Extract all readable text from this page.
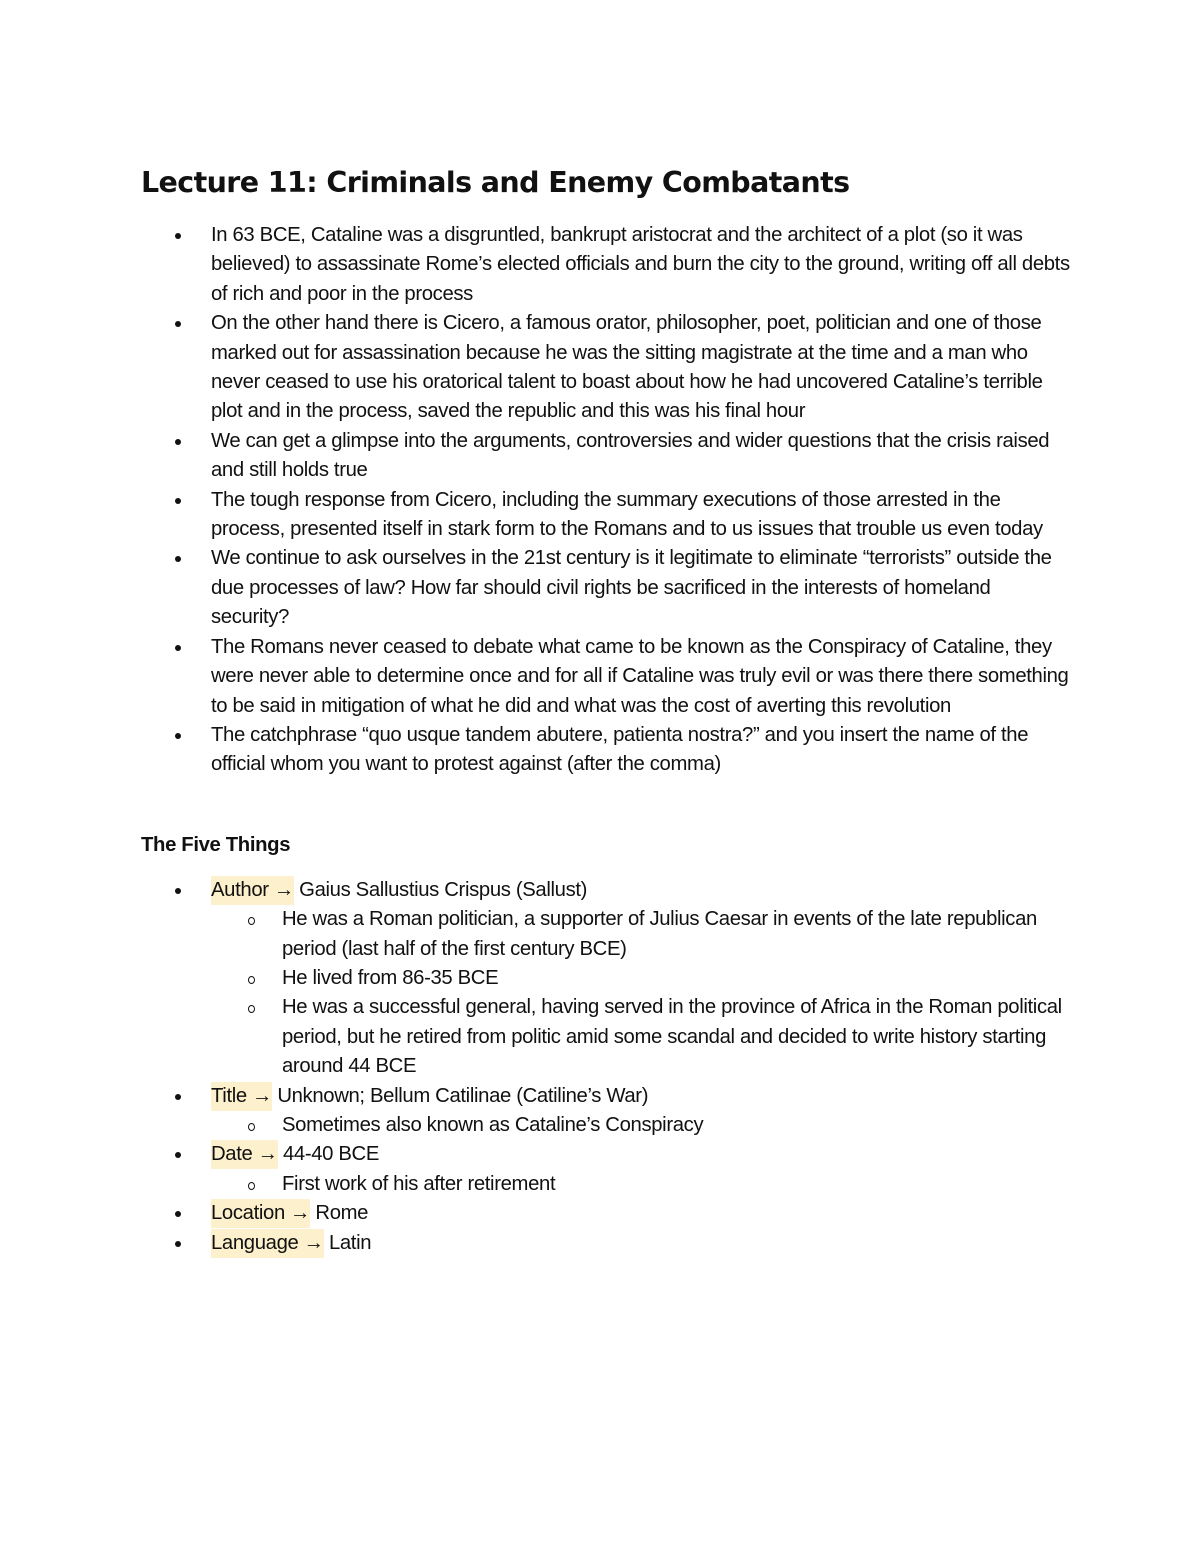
Lecture 11: Criminals and Enemy Combatants
In 63 BCE, Cataline was a disgruntled, bankrupt aristocrat and the architect of a plot (so it was believed) to assassinate Rome’s elected officials and burn the city to the ground, writing off all debts of rich and poor in the process
On the other hand there is Cicero, a famous orator, philosopher, poet, politician and one of those marked out for assassination because he was the sitting magistrate at the time and a man who never ceased to use his oratorical talent to boast about how he had uncovered Cataline’s terrible plot and in the process, saved the republic and this was his final hour
We can get a glimpse into the arguments, controversies and wider questions that the crisis raised and still holds true
The tough response from Cicero, including the summary executions of those arrested in the process, presented itself in stark form to the Romans and to us issues that trouble us even today
We continue to ask ourselves in the 21st century is it legitimate to eliminate “terrorists” outside the due processes of law? How far should civil rights be sacrificed in the interests of homeland security?
The Romans never ceased to debate what came to be known as the Conspiracy of Cataline, they were never able to determine once and for all if Cataline was truly evil or was there there something to be said in mitigation of what he did and what was the cost of averting this revolution
The catchphrase “quo usque tandem abutere, patienta nostra?” and you insert the name of the official whom you want to protest against (after the comma)
The Five Things
Author → Gaius Sallustius Crispus (Sallust)
He was a Roman politician, a supporter of Julius Caesar in events of the late republican period (last half of the first century BCE)
He lived from 86-35 BCE
He was a successful general, having served in the province of Africa in the Roman political period, but he retired from politic amid some scandal and decided to write history starting around 44 BCE
Title → Unknown; Bellum Catilinae (Catiline’s War)
Sometimes also known as Cataline’s Conspiracy
Date → 44-40 BCE
First work of his after retirement
Location → Rome
Language → Latin
